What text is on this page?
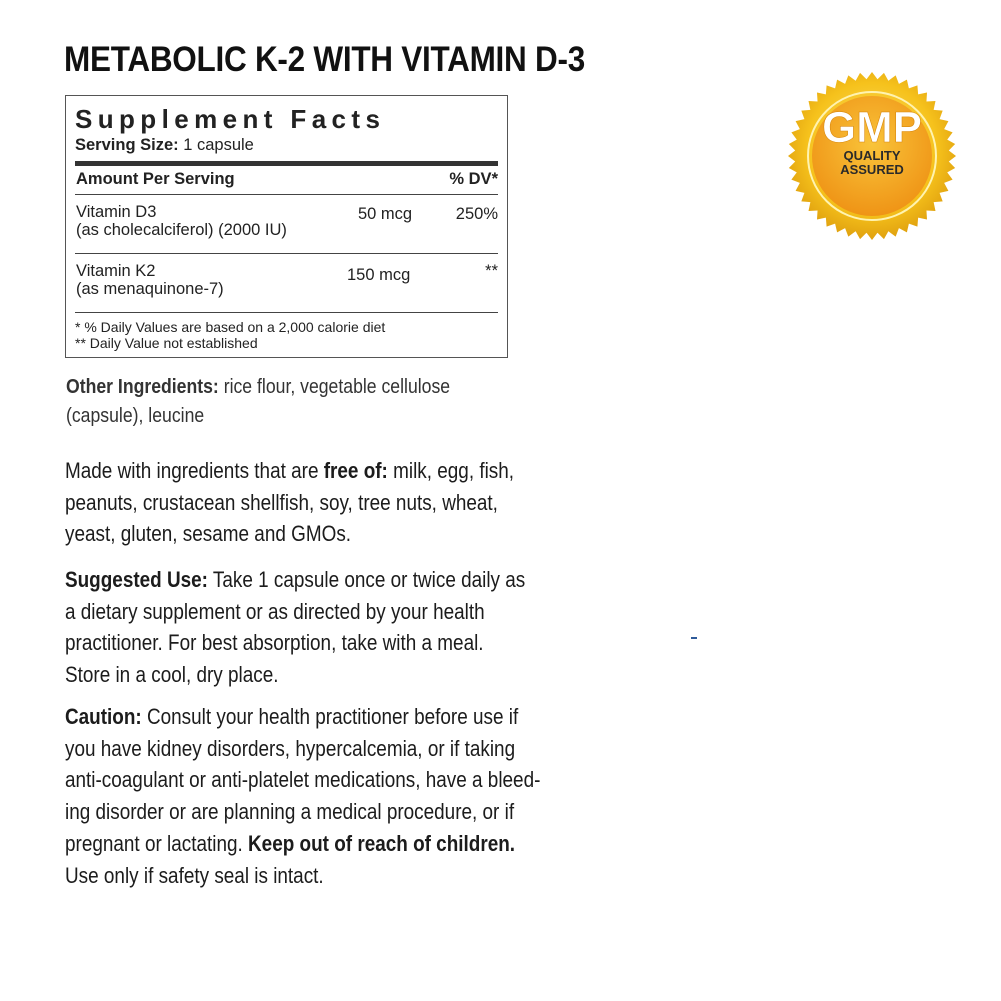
METABOLIC K-2 WITH VITAMIN D-3
Supplement Facts
Serving Size: 1 capsule
Amount Per Serving	% DV*
Vitamin D3
(as cholecalciferol) (2000 IU)
50 mcg	250%
Vitamin K2
(as menaquinone-7)
150 mcg	**
* % Daily Values are based on a 2,000 calorie diet
** Daily Value not established
Other Ingredients: rice flour, vegetable cellulose
(capsule), leucine
Made with ingredients that are free of: milk, egg, fish,
peanuts, crustacean shellfish, soy, tree nuts, wheat,
yeast, gluten, sesame and GMOs.
Suggested Use: Take 1 capsule once or twice daily as
a dietary supplement or as directed by your health
practitioner. For best absorption, take with a meal.
Store in a cool, dry place.
Caution: Consult your health practitioner before use if
you have kidney disorders, hypercalcemia, or if taking
anti-coagulant or anti-platelet medications, have a bleed-
ing disorder or are planning a medical procedure, or if
pregnant or lactating. Keep out of reach of children.
Use only if safety seal is intact.
GMP
QUALITY
ASSURED
